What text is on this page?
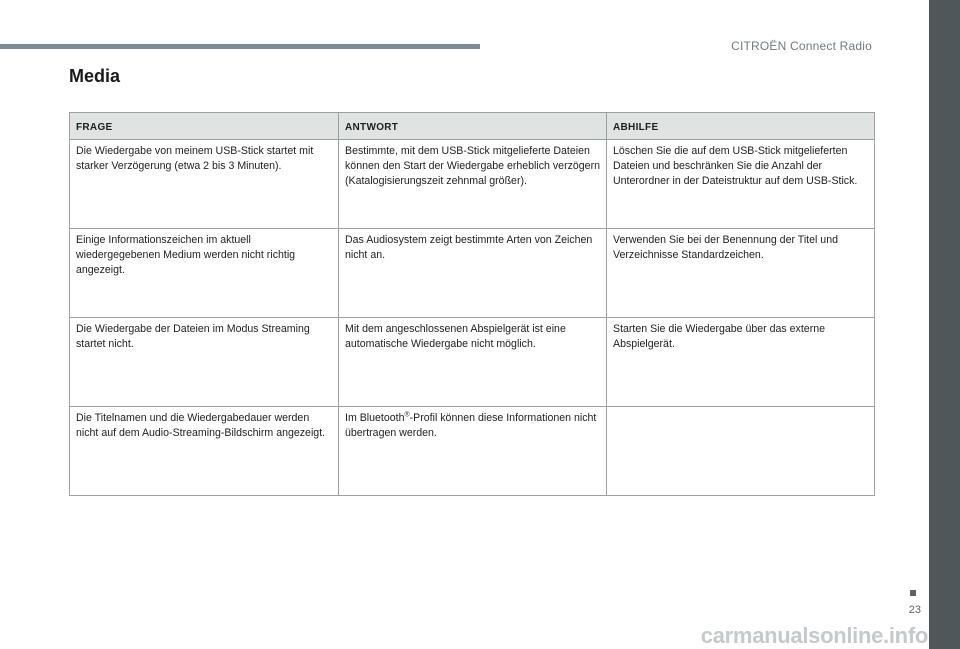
CITROËN Connect Radio
Media
FRAGE	ANTWORT	ABHILFE
Die Wiedergabe von meinem USB-Stick startet mit starker Verzögerung (etwa 2 bis 3 Minuten).
Bestimmte, mit dem USB-Stick mitgelieferte Dateien können den Start der Wiedergabe erheblich verzögern (Katalogisierungszeit zehnmal größer).
Löschen Sie die auf dem USB-Stick mitgelieferten Dateien und beschränken Sie die Anzahl der Unterordner in der Dateistruktur auf dem USB-Stick.
Einige Informationszeichen im aktuell wiedergegebenen Medium werden nicht richtig angezeigt.
Das Audiosystem zeigt bestimmte Arten von Zeichen nicht an.
Verwenden Sie bei der Benennung der Titel und Verzeichnisse Standardzeichen.
Die Wiedergabe der Dateien im Modus Streaming startet nicht.
Mit dem angeschlossenen Abspielgerät ist eine automatische Wiedergabe nicht möglich.
Starten Sie die Wiedergabe über das externe Abspielgerät.
Die Titelnamen und die Wiedergabedauer werden nicht auf dem Audio-Streaming-Bildschirm angezeigt.
Im Bluetooth®-Profil können diese Informationen nicht übertragen werden.
23
carmanualsonline.info
